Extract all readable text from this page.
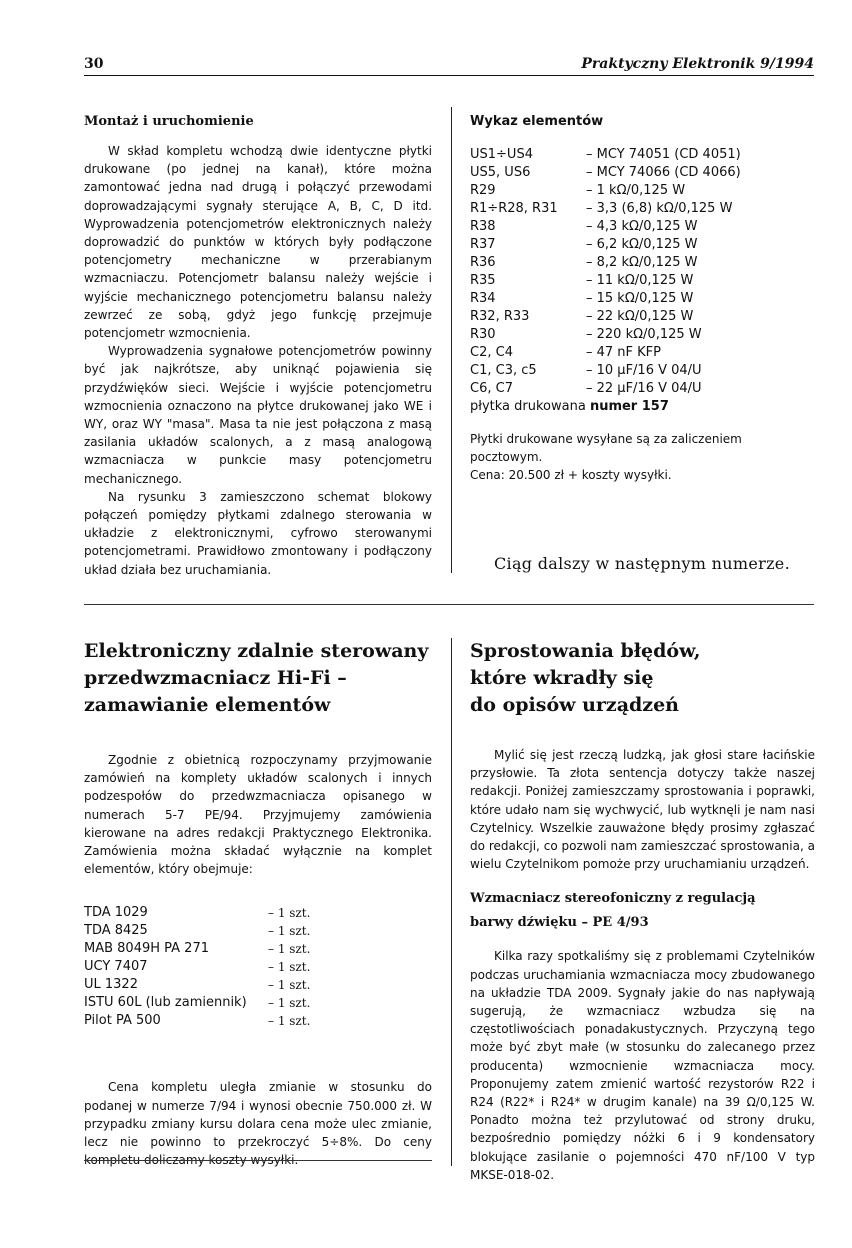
30	Praktyczny Elektronik 9/1994
Montaż i uruchomienie

W skład kompletu wchodzą dwie identyczne płytki drukowane (po jednej na kanał), które można zamontować jedna nad drugą i połączyć przewodami doprowadzającymi sygnały sterujące A, B, C, D itd. Wyprowadzenia potencjometrów elektronicznych należy doprowadzić do punktów w których były podłączone potencjometry mechaniczne w przerabianym wzmacniaczu. Potencjometr balansu należy wejście i wyjście mechanicznego potencjometru balansu należy zewrzeć ze sobą, gdyż jego funkcję przejmuje potencjometr wzmocnienia.

Wyprowadzenia sygnałowe potencjometrów powinny być jak najkrótsze, aby uniknąć pojawienia się przydźwięków sieci. Wejście i wyjście potencjometru wzmocnienia oznaczono na płytce drukowanej jako WE i WY, oraz WY "masa". Masa ta nie jest połączona z masą zasilania układów scalonych, a z masą analogową wzmacniacza w punkcie masy potencjometru mechanicznego.

Na rysunku 3 zamieszczono schemat blokowy połączeń pomiędzy płytkami zdalnego sterowania w układzie z elektronicznymi, cyfrowo sterowanymi potencjometrami. Prawidłowo zmontowany i podłączony układ działa bez uruchamiania.

Wykaz elementów
US1÷US4	– MCY 74051 (CD 4051)
US5, US6	– MCY 74066 (CD 4066)
R29	– 1 kΩ/0,125 W
R1÷R28, R31	– 3,3 (6,8) kΩ/0,125 W
R38	– 4,3 kΩ/0,125 W
R37	– 6,2 kΩ/0,125 W
R36	– 8,2 kΩ/0,125 W
R35	– 11 kΩ/0,125 W
R34	– 15 kΩ/0,125 W
R32, R33	– 22 kΩ/0,125 W
R30	– 220 kΩ/0,125 W
C2, C4	– 47 nF KFP
C1, C3, c5	– 10 μF/16 V 04/U
C6, C7	– 22 μF/16 V 04/U
płytka drukowana numer 157
Płytki drukowane wysyłane są za zaliczeniem pocztowym.
Cena: 20.500 zł + koszty wysyłki.
Ciąg dalszy w następnym numerze.
Elektroniczny zdalnie sterowany przedwzmacniacz Hi-Fi – zamawianie elementów

Zgodnie z obietnicą rozpoczynamy przyjmowanie zamówień na komplety układów scalonych i innych podzespołów do przedwzmacniacza opisanego w numerach 5-7 PE/94. Przyjmujemy zamówienia kierowane na adres redakcji Praktycznego Elektronika. Zamówienia można składać wyłącznie na komplet elementów, który obejmuje:

TDA 1029	– 1 szt.
TDA 8425	– 1 szt.
MAB 8049H PA 271	– 1 szt.
UCY 7407	– 1 szt.
UL 1322	– 1 szt.
ISTU 60L (lub zamiennik)	– 1 szt.
Pilot PA 500	– 1 szt.

Cena kompletu uległa zmianie w stosunku do podanej w numerze 7/94 i wynosi obecnie 750.000 zł. W przypadku zmiany kursu dolara cena może ulec zmianie, lecz nie powinno to przekroczyć 5÷8%. Do ceny kompletu doliczamy koszty wysyłki.

Sprostowania błędów,
które wkradły się
do opisów urządzeń

Mylić się jest rzeczą ludzką, jak głosi stare łacińskie przysłowie. Ta złota sentencja dotyczy także naszej redakcji. Poniżej zamieszczamy sprostowania i poprawki, które udało nam się wychwycić, lub wytknęli je nam nasi Czytelnicy. Wszelkie zauważone błędy prosimy zgłaszać do redakcji, co pozwoli nam zamieszczać sprostowania, a wielu Czytelnikom pomoże przy uruchamianiu urządzeń.

Wzmacniacz stereofoniczny z regulacją
barwy dźwięku – PE 4/93

Kilka razy spotkaliśmy się z problemami Czytelników podczas uruchamiania wzmacniacza mocy zbudowanego na układzie TDA 2009. Sygnały jakie do nas napływają sugerują, że wzmacniacz wzbudza się na częstotliwościach ponadakustycznych. Przyczyną tego może być zbyt małe (w stosunku do zalecanego przez producenta) wzmocnienie wzmacniacza mocy. Proponujemy zatem zmienić wartość rezystorów R22 i R24 (R22* i R24* w drugim kanale) na 39 Ω/0,125 W. Ponadto można też przylutować od strony druku, bezpośrednio pomiędzy nóżki 6 i 9 kondensatory blokujące zasilanie o pojemności 470 nF/100 V typ MKSE-018-02.
